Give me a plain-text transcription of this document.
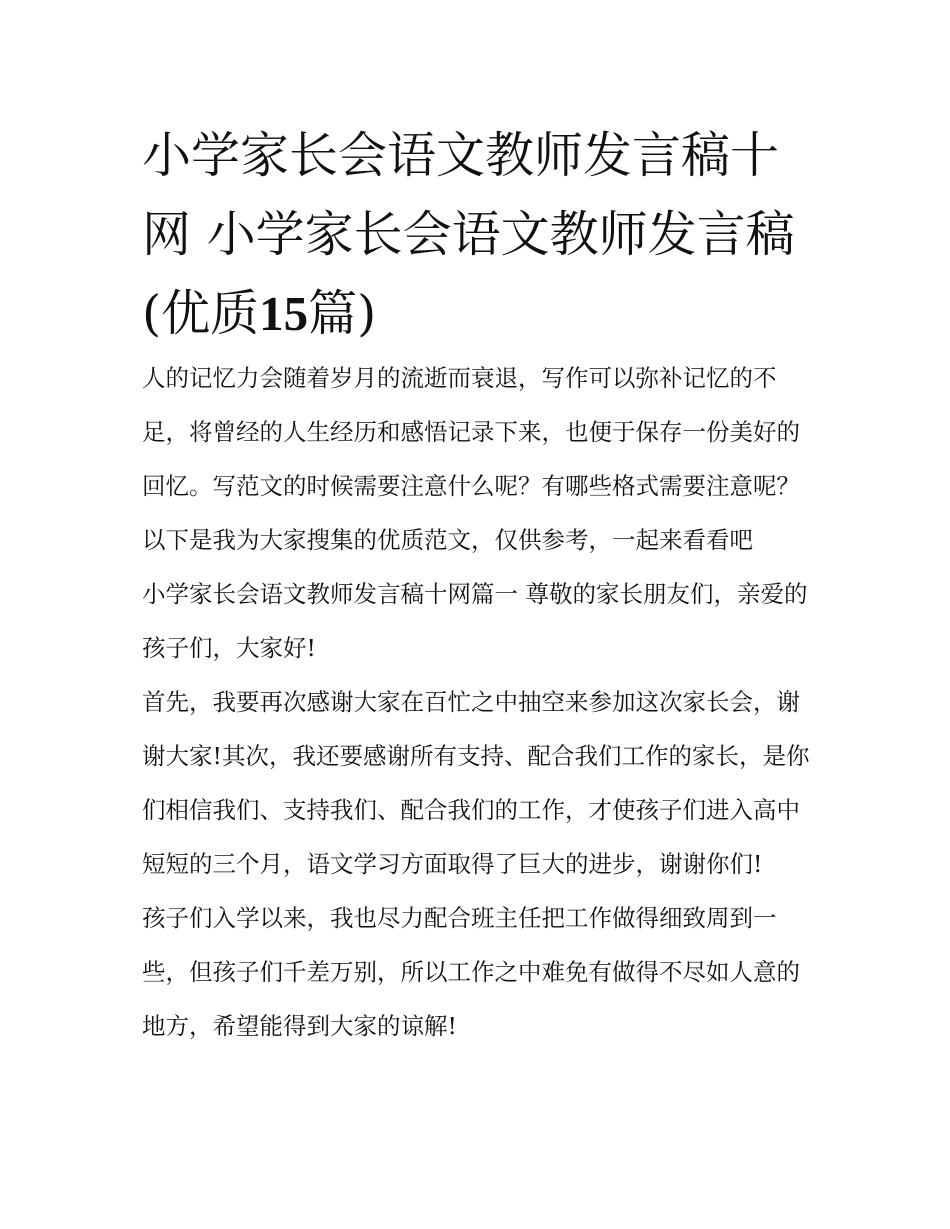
小学家长会语文教师发言稿十网 小学家长会语文教师发言稿(优质15篇)

人的记忆力会随着岁月的流逝而衰退，写作可以弥补记忆的不足，将曾经的人生经历和感悟记录下来，也便于保存一份美好的回忆。写范文的时候需要注意什么呢？有哪些格式需要注意呢？以下是我为大家搜集的优质范文，仅供参考，一起来看看吧

小学家长会语文教师发言稿十网篇一 尊敬的家长朋友们，亲爱的孩子们，大家好!

首先，我要再次感谢大家在百忙之中抽空来参加这次家长会，谢谢大家!其次，我还要感谢所有支持、配合我们工作的家长，是你们相信我们、支持我们、配合我们的工作，才使孩子们进入高中短短的三个月，语文学习方面取得了巨大的进步，谢谢你们!

孩子们入学以来，我也尽力配合班主任把工作做得细致周到一些，但孩子们千差万别，所以工作之中难免有做得不尽如人意的地方，希望能得到大家的谅解!
